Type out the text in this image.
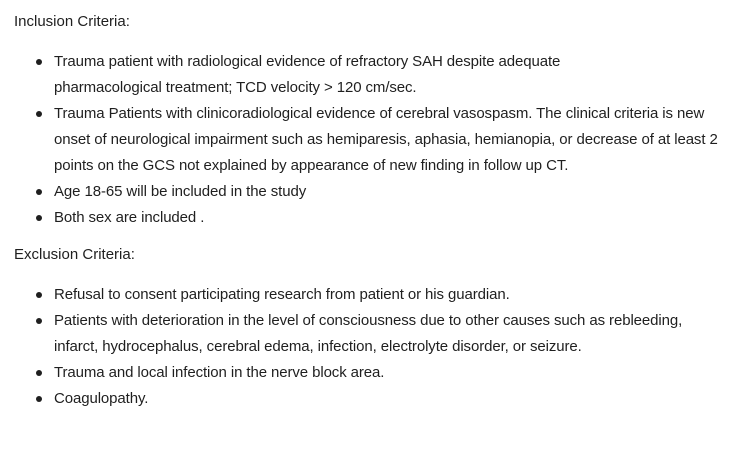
Inclusion Criteria:
Trauma patient with radiological evidence of refractory SAH despite adequate pharmacological treatment; TCD velocity > 120 cm/sec.
Trauma Patients with clinicoradiological evidence of cerebral vasospasm. The clinical criteria is new onset of neurological impairment such as hemiparesis, aphasia, hemianopia, or decrease of at least 2 points on the GCS not explained by appearance of new finding in follow up CT.
Age 18-65 will be included in the study
Both sex are included .
Exclusion Criteria:
Refusal to consent participating research from patient or his guardian.
Patients with deterioration in the level of consciousness due to other causes such as rebleeding, infarct, hydrocephalus, cerebral edema, infection, electrolyte disorder, or seizure.
Trauma and local infection in the nerve block area.
Coagulopathy.
